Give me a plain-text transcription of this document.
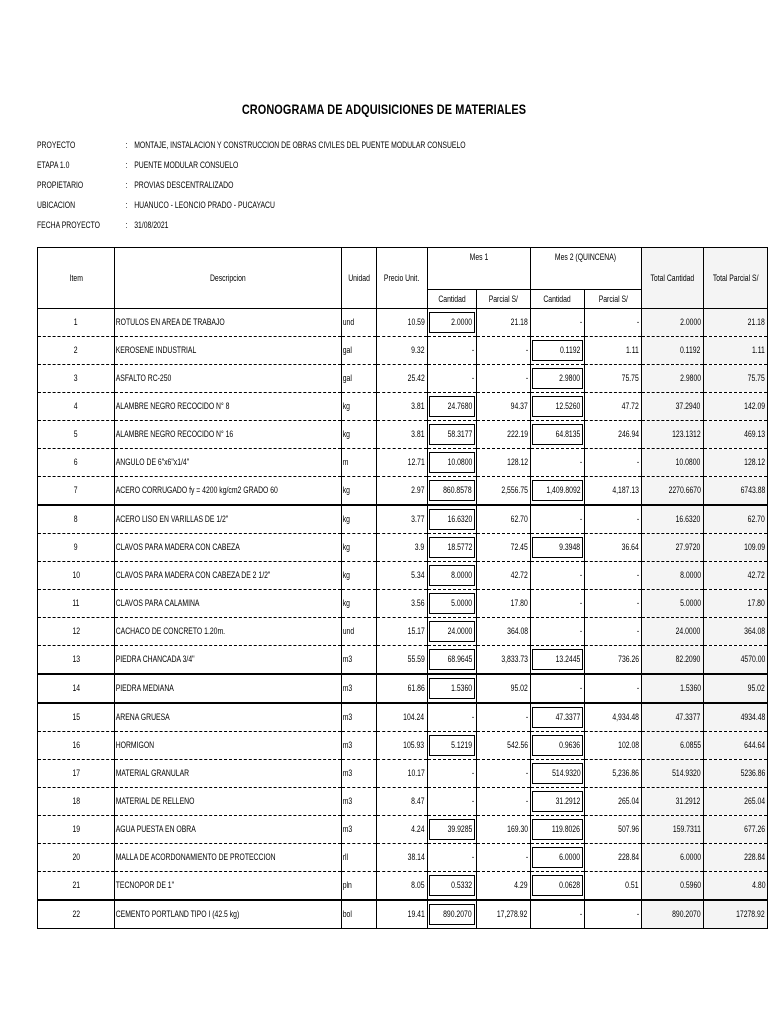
CRONOGRAMA DE ADQUISICIONES DE MATERIALES
Item	Descripcion	Unidad	Precio Unit.	Mes 1		Mes 2 (QUINCENA)		Total Cantidad	Total Parcial S/
				Cantidad	Parcial S/	Cantidad	Parcial S/		
1	ROTULOS EN AREA DE TRABAJO	und	10.59	2.0000	21.18	-	-	2.0000	21.18
2	KEROSENE INDUSTRIAL	gal	9.32	-	-	0.1192	1.11	0.1192	1.11
3	ASFALTO RC-250	gal	25.42	-	-	2.9800	75.75	2.9800	75.75
4	ALAMBRE NEGRO RECOCIDO N° 8	kg	3.81	24.7680	94.37	12.5260	47.72	37.2940	142.09
5	ALAMBRE NEGRO RECOCIDO N° 16	kg	3.81	58.3177	222.19	64.8135	246.94	123.1312	469.13
6	ANGULO DE 6"x6"x1/4"	m	12.71	10.0800	128.12	-	-	10.0800	128.12
7	ACERO CORRUGADO fy = 4200 kg/cm2 GRADO 60	kg	2.97	860.8578	2,556.75	1,409.8092	4,187.13	2270.6670	6743.88
8	ACERO LISO EN VARILLAS DE 1/2"	kg	3.77	16.6320	62.70	-	-	16.6320	62.70
9	CLAVOS PARA MADERA CON CABEZA	kg	3.9	18.5772	72.45	9.3948	36.64	27.9720	109.09
10	CLAVOS PARA MADERA CON CABEZA DE 2 1/2"	kg	5.34	8.0000	42.72	-	-	8.0000	42.72
11	CLAVOS PARA CALAMINA	kg	3.56	5.0000	17.80	-	-	5.0000	17.80
12	CACHACO DE CONCRETO 1.20m.	und	15.17	24.0000	364.08	-	-	24.0000	364.08
13	PIEDRA CHANCADA 3/4"	m3	55.59	68.9645	3,833.73	13.2445	736.26	82.2090	4570.00
14	PIEDRA MEDIANA	m3	61.86	1.5360	95.02	-	-	1.5360	95.02
15	ARENA GRUESA	m3	104.24	-	-	47.3377	4,934.48	47.3377	4934.48
16	HORMIGON	m3	105.93	5.1219	542.56	0.9636	102.08	6.0855	644.64
17	MATERIAL GRANULAR	m3	10.17	-	-	514.9320	5,236.86	514.9320	5236.86
18	MATERIAL DE RELLENO	m3	8.47	-	-	31.2912	265.04	31.2912	265.04
19	AGUA PUESTA EN OBRA	m3	4.24	39.9285	169.30	119.8026	507.96	159.7311	677.26
20	MALLA DE ACORDONAMIENTO DE PROTECCION	rll	38.14	-	-	6.0000	228.84	6.0000	228.84
21	TECNOPOR DE 1"	pln	8.05	0.5332	4.29	0.0628	0.51	0.5960	4.80
22	CEMENTO PORTLAND TIPO I (42.5 kg)	bol	19.41	890.2070	17,278.92	-	-	890.2070	17278.92
PROYECTO	: MONTAJE, INSTALACION Y CONSTRUCCION DE OBRAS CIVILES DEL PUENTE MODULAR CONSUELO
ETAPA 1.0	: PUENTE MODULAR CONSUELO
PROPIETARIO	: PROVIAS DESCENTRALIZADO
UBICACION	: HUANUCO - LEONCIO PRADO - PUCAYACU
FECHA PROYECTO	: 31/08/2021
